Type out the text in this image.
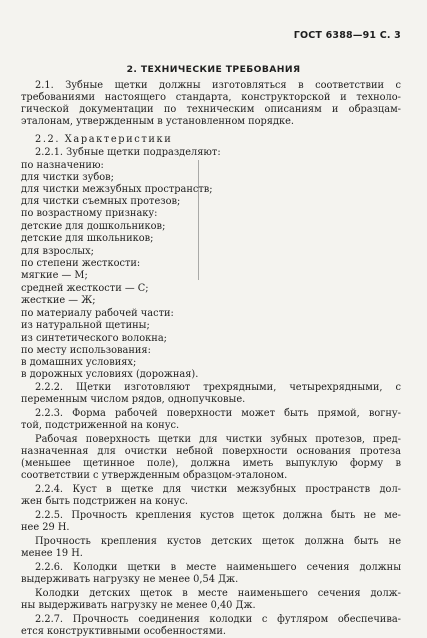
ГОСТ 6388—91 С. 3
2. ТЕХНИЧЕСКИЕ ТРЕБОВАНИЯ
2.1. Зубные щетки должны изготовляться в соответствии с
требованиями настоящего стандарта, конструкторской и техноло-
гической документации по техническим описаниям и образцам-
эталонам, утвержденным в установленном порядке.
2.2. Характеристики
2.2.1. Зубные щетки подразделяют:
по назначению:
для чистки зубов;
для чистки межзубных пространств;
для чистки съемных протезов;
по возрастному признаку:
детские для дошкольников;
детские для школьников;
для взрослых;
по степени жесткости:
мягкие — М;
средней жесткости — С;
жесткие — Ж;
по материалу рабочей части:
из натуральной щетины;
из синтетического волокна;
по месту использования:
в домашних условиях;
в дорожных условиях (дорожная).
2.2.2. Щетки изготовляют трехрядными, четырехрядными, с
переменным числом рядов, однопучковые.
2.2.3. Форма рабочей поверхности может быть прямой, вогну-
той, подстриженной на конус.
Рабочая поверхность щетки для чистки зубных протезов, пред-
назначенная для очистки небной поверхности основания протеза
(меньшее щетинное поле), должна иметь выпуклую форму в
соответствии с утвержденным образцом-эталоном.
2.2.4. Куст в щетке для чистки межзубных пространств дол-
жен быть подстрижен на конус.
2.2.5. Прочность крепления кустов щеток должна быть не ме-
нее 29 Н.
Прочность крепления кустов детских щеток должна быть не
менее 19 Н.
2.2.6. Колодки щетки в месте наименьшего сечения должны
выдерживать нагрузку не менее 0,54 Дж.
Колодки детских щеток в месте наименьшего сечения долж-
ны выдерживать нагрузку не менее 0,40 Дж.
2.2.7. Прочность соединения колодки с футляром обеспечива-
ется конструктивными особенностями.
